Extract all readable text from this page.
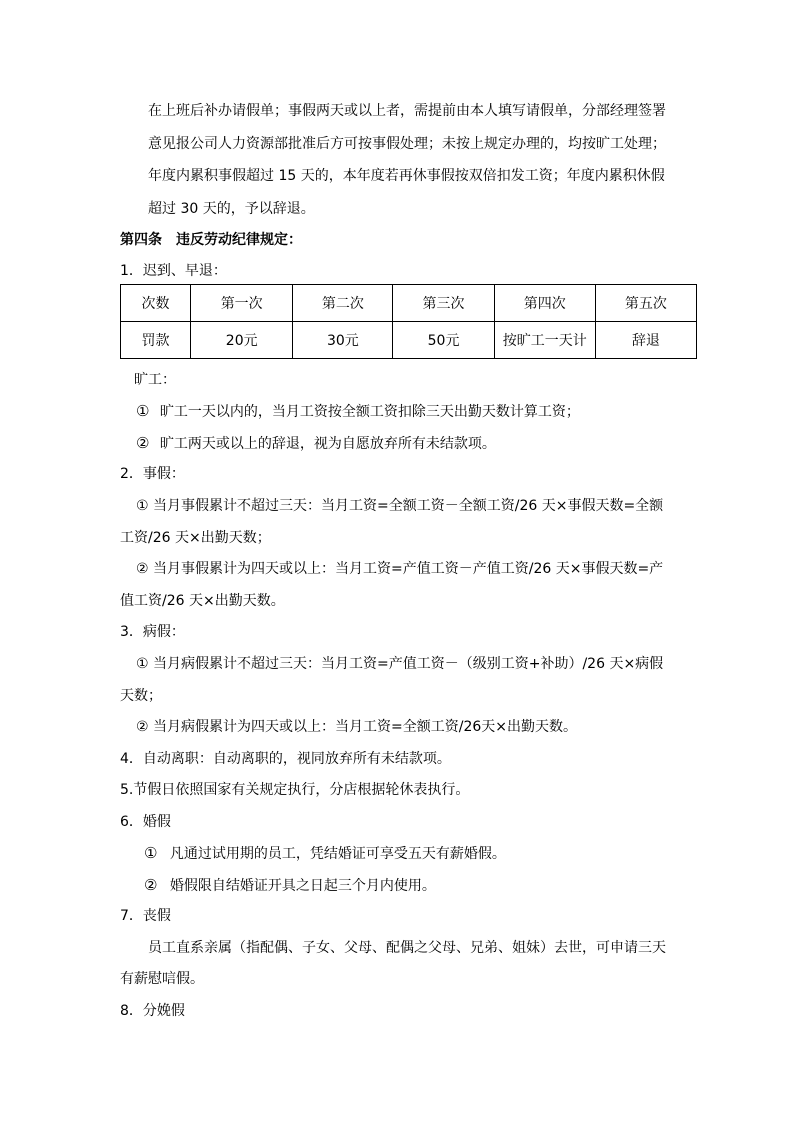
在上班后补办请假单；事假两天或以上者，需提前由本人填写请假单，分部经理签署
意见报公司人力资源部批准后方可按事假处理；未按上规定办理的，均按旷工处理；
年度内累积事假超过 15 天的，本年度若再休事假按双倍扣发工资；年度内累积休假
超过 30 天的，予以辞退。
第四条　违反劳动纪律规定：
1．迟到、早退：
次数	第一次	第二次	第三次	第四次	第五次
罚款	20元	30元	50元	按旷工一天计	辞退
旷工：
① 旷工一天以内的，当月工资按全额工资扣除三天出勤天数计算工资；
② 旷工两天或以上的辞退，视为自愿放弃所有未结款项。
2．事假：
① 当月事假累计不超过三天：当月工资=全额工资－全额工资/26 天×事假天数=全额
工资/26 天×出勤天数；
② 当月事假累计为四天或以上：当月工资=产值工资－产值工资/26 天×事假天数=产
值工资/26 天×出勤天数。
3．病假：
① 当月病假累计不超过三天：当月工资=产值工资－（级别工资+补助）/26 天×病假
天数；
② 当月病假累计为四天或以上：当月工资=全额工资/26天×出勤天数。
4．自动离职：自动离职的，视同放弃所有未结款项。
5.节假日依照国家有关规定执行，分店根据轮休表执行。
6．婚假
① 凡通过试用期的员工，凭结婚证可享受五天有薪婚假。
② 婚假限自结婚证开具之日起三个月内使用。
7．丧假
员工直系亲属（指配偶、子女、父母、配偶之父母、兄弟、姐妹）去世，可申请三天
有薪慰唁假。
8．分娩假
